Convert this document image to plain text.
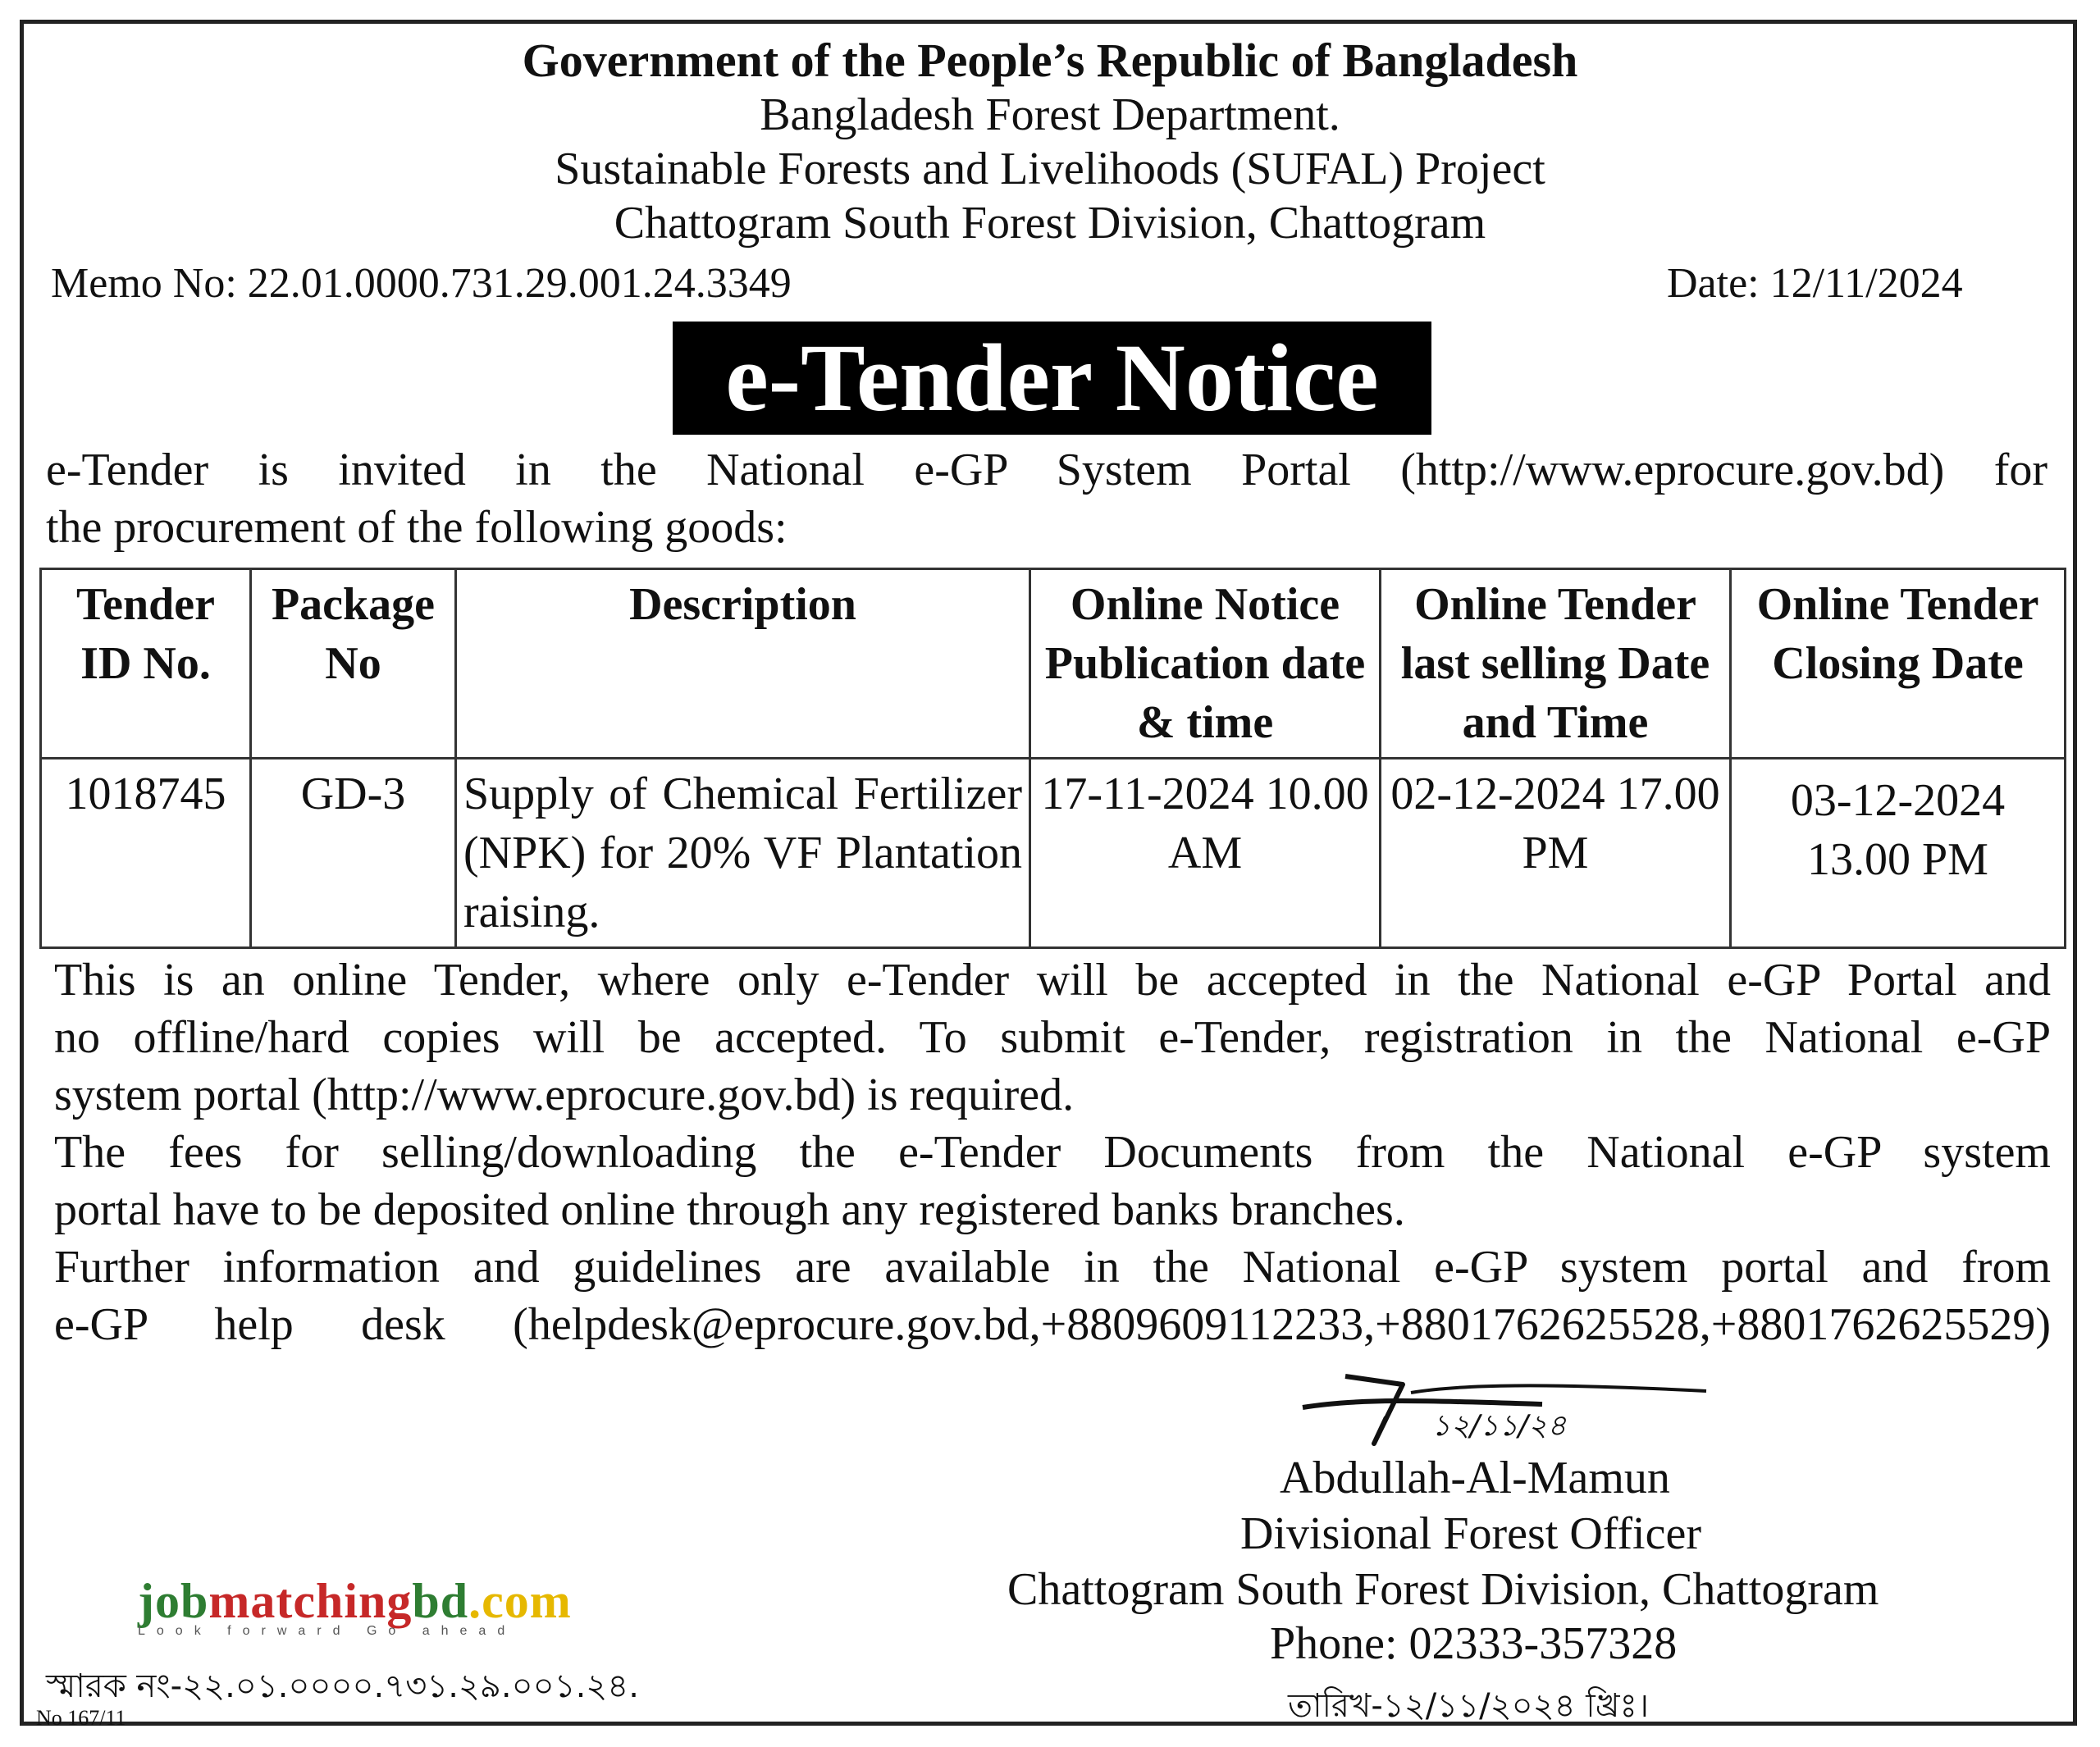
Government of the People’s Republic of Bangladesh
Bangladesh Forest Department.
Sustainable Forests and Livelihoods (SUFAL) Project
Chattogram South Forest Division, Chattogram
Memo No: 22.01.0000.731.29.001.24.3349	Date: 12/11/2024
e-Tender Notice
e-Tender is invited in the National e-GP System Portal (http://www.eprocure.gov.bd) for
the procurement of the following goods:
Tender ID No.	Package No	Description	Online Notice Publication date & time	Online Tender last selling Date and Time	Online Tender Closing Date
1018745	GD-3	Supply of Chemical Fertilizer (NPK) for 20% VF Plantation raising.	17-11-2024 10.00 AM	02-12-2024 17.00 PM	03-12-2024 13.00 PM
This is an online Tender, where only e-Tender will be accepted in the National e-GP Portal and
no offline/hard copies will be accepted. To submit e-Tender, registration in the National e-GP
system portal (http://www.eprocure.gov.bd) is required.
The fees for selling/downloading the e-Tender Documents from the National e-GP system
portal have to be deposited online through any registered banks branches.
Further information and guidelines are available in the National e-GP system portal and from
e-GP help desk (helpdesk@eprocure.gov.bd,+8809609112233,+8801762625528,+8801762625529)
১২/১১/২৪
Abdullah-Al-Mamun
Divisional Forest Officer
Chattogram South Forest Division, Chattogram
Phone: 02333-357328
তারিখ-১২/১১/২০২৪ খ্রিঃ।
jobmatchingbd.com
Look forward Go ahead
স্মারক নং-২২.০১.০০০০.৭৩১.২৯.০০১.২৪.
No 167/11
